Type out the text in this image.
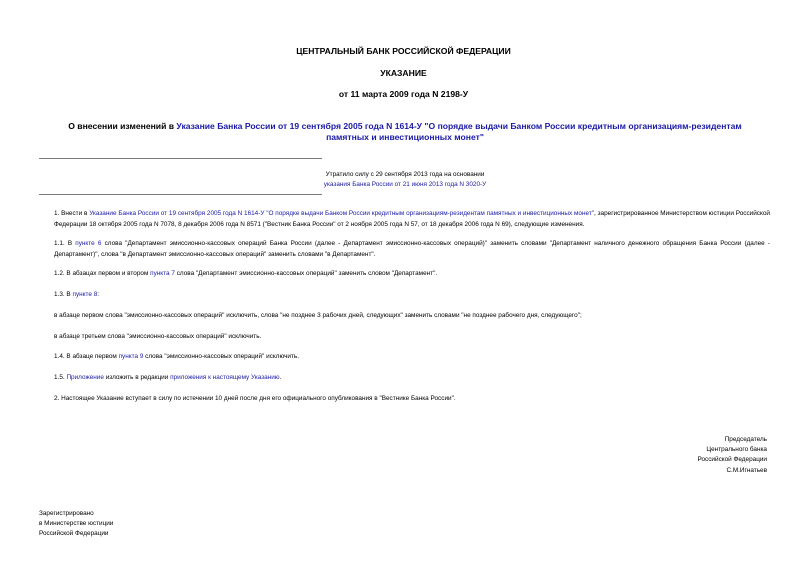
ЦЕНТРАЛЬНЫЙ БАНК РОССИЙСКОЙ ФЕДЕРАЦИИ
УКАЗАНИЕ
от 11 марта 2009 года N 2198-У
О внесении изменений в Указание Банка России от 19 сентября 2005 года N 1614-У "О порядке выдачи Банком России кредитным организациям-резидентам памятных и инвестиционных монет"
Утратило силу с 29 сентября 2013 года на основании
указания Банка России от 21 июня 2013 года N 3020-У
1. Внести в Указание Банка России от 19 сентября 2005 года N 1614-У "О порядке выдачи Банком России кредитным организациям-резидентам памятных и инвестиционных монет", зарегистрированное Министерством юстиции Российской Федерации 18 октября 2005 года N 7078, 8 декабря 2006 года N 8571 ("Вестник Банка России" от 2 ноября 2005 года N 57, от 18 декабря 2006 года N 69), следующие изменения.
1.1. В пункте 6 слова "Департамент эмиссионно-кассовых операций Банка России (далее - Департамент эмиссионно-кассовых операций)" заменить словами "Департамент наличного денежного обращения Банка России (далее - Департамент)", слова "в Департамент эмиссионно-кассовых операций" заменить словами "в Департамент".
1.2. В абзацах первом и втором пункта 7 слова "Департамент эмиссионно-кассовых операций" заменить словом "Департамент".
1.3. В пункте 8:
в абзаце первом слова "эмиссионно-кассовых операций" исключить, слова "не позднее 3 рабочих дней, следующих" заменить словами "не позднее рабочего дня, следующего";
в абзаце третьем слова "эмиссионно-кассовых операций" исключить.
1.4. В абзаце первом пункта 9 слова "эмиссионно-кассовых операций" исключить.
1.5. Приложение изложить в редакции приложения к настоящему Указанию.
2. Настоящее Указание вступает в силу по истечении 10 дней после дня его официального опубликования в "Вестнике Банка России".
Председатель
Центрального банка
Российской Федерации
С.М.Игнатьев
Зарегистрировано
в Министерстве юстиции
Российской Федерации
